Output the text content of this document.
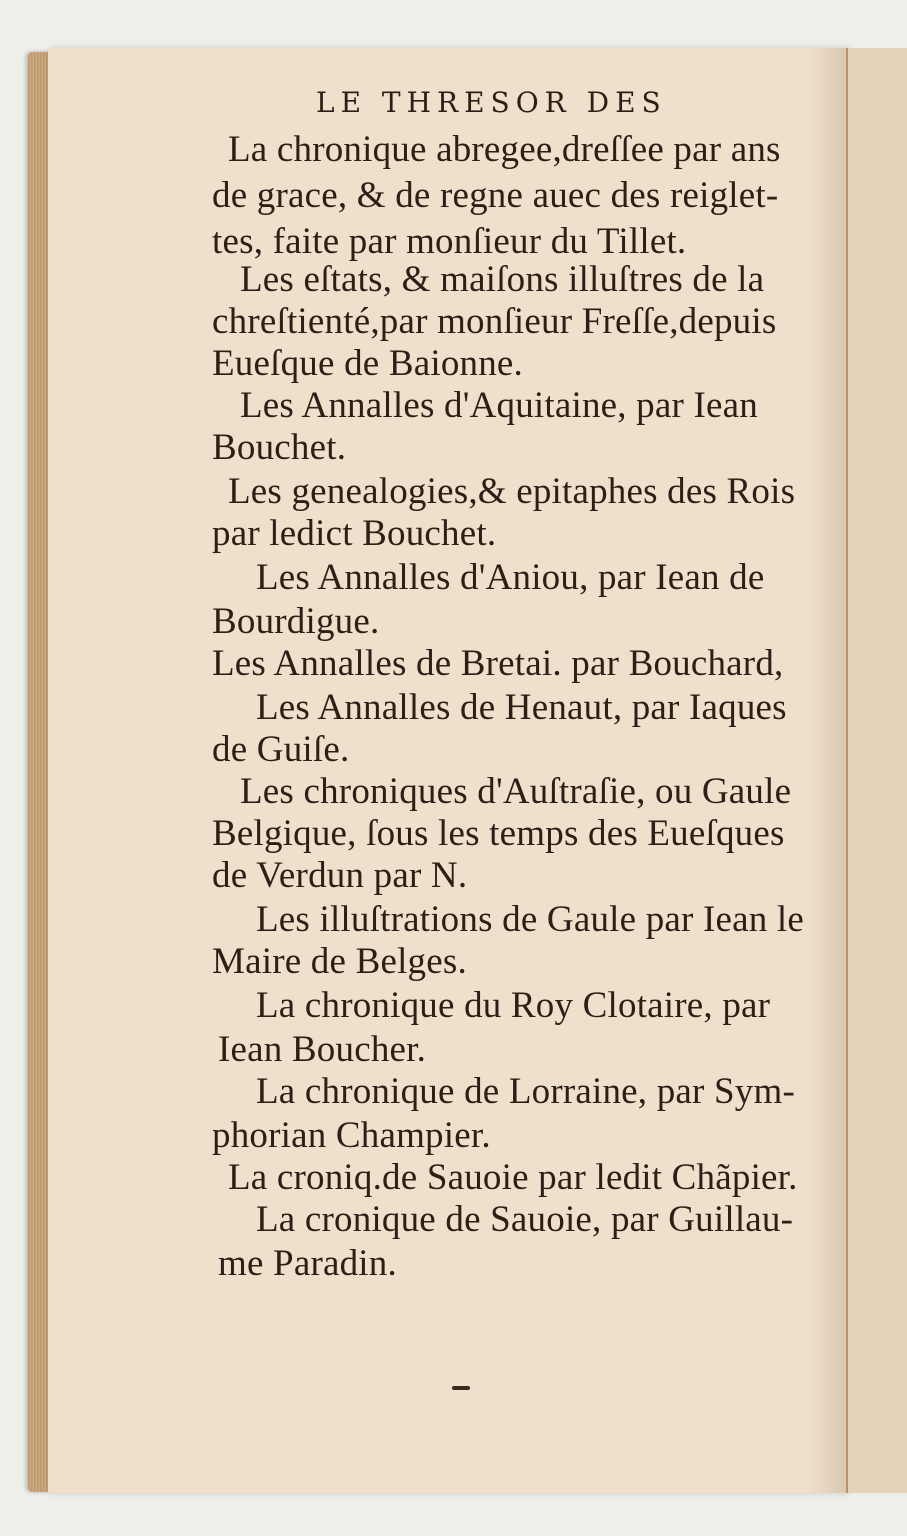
LE THRESOR DES
La chronique abregee,dreſſee par ans
de grace, & de regne auec des reiglet-
tes, faite par monſieur du Tillet.
Les eſtats, & maiſons illuſtres de la
chreſtienté,par monſieur Freſſe,depuis
Eueſque de Baionne.
Les Annalles d'Aquitaine, par Iean
Bouchet.
Les genealogies,& epitaphes des Rois
par ledict Bouchet.
Les Annalles d'Aniou, par Iean de
Bourdigue.
Les Annalles de Bretai. par Bouchard,
Les Annalles de Henaut, par Iaques
de Guiſe.
Les chroniques d'Auſtraſie, ou Gaule
Belgique, ſous les temps des Eueſques
de Verdun par N.
Les illuſtrations de Gaule par Iean le
Maire de Belges.
La chronique du Roy Clotaire, par
Iean Boucher.
La chronique de Lorraine, par Sym-
phorian Champier.
La croniq.de Sauoie par ledit Chãpier.
La cronique de Sauoie, par Guillau-
me Paradin.
